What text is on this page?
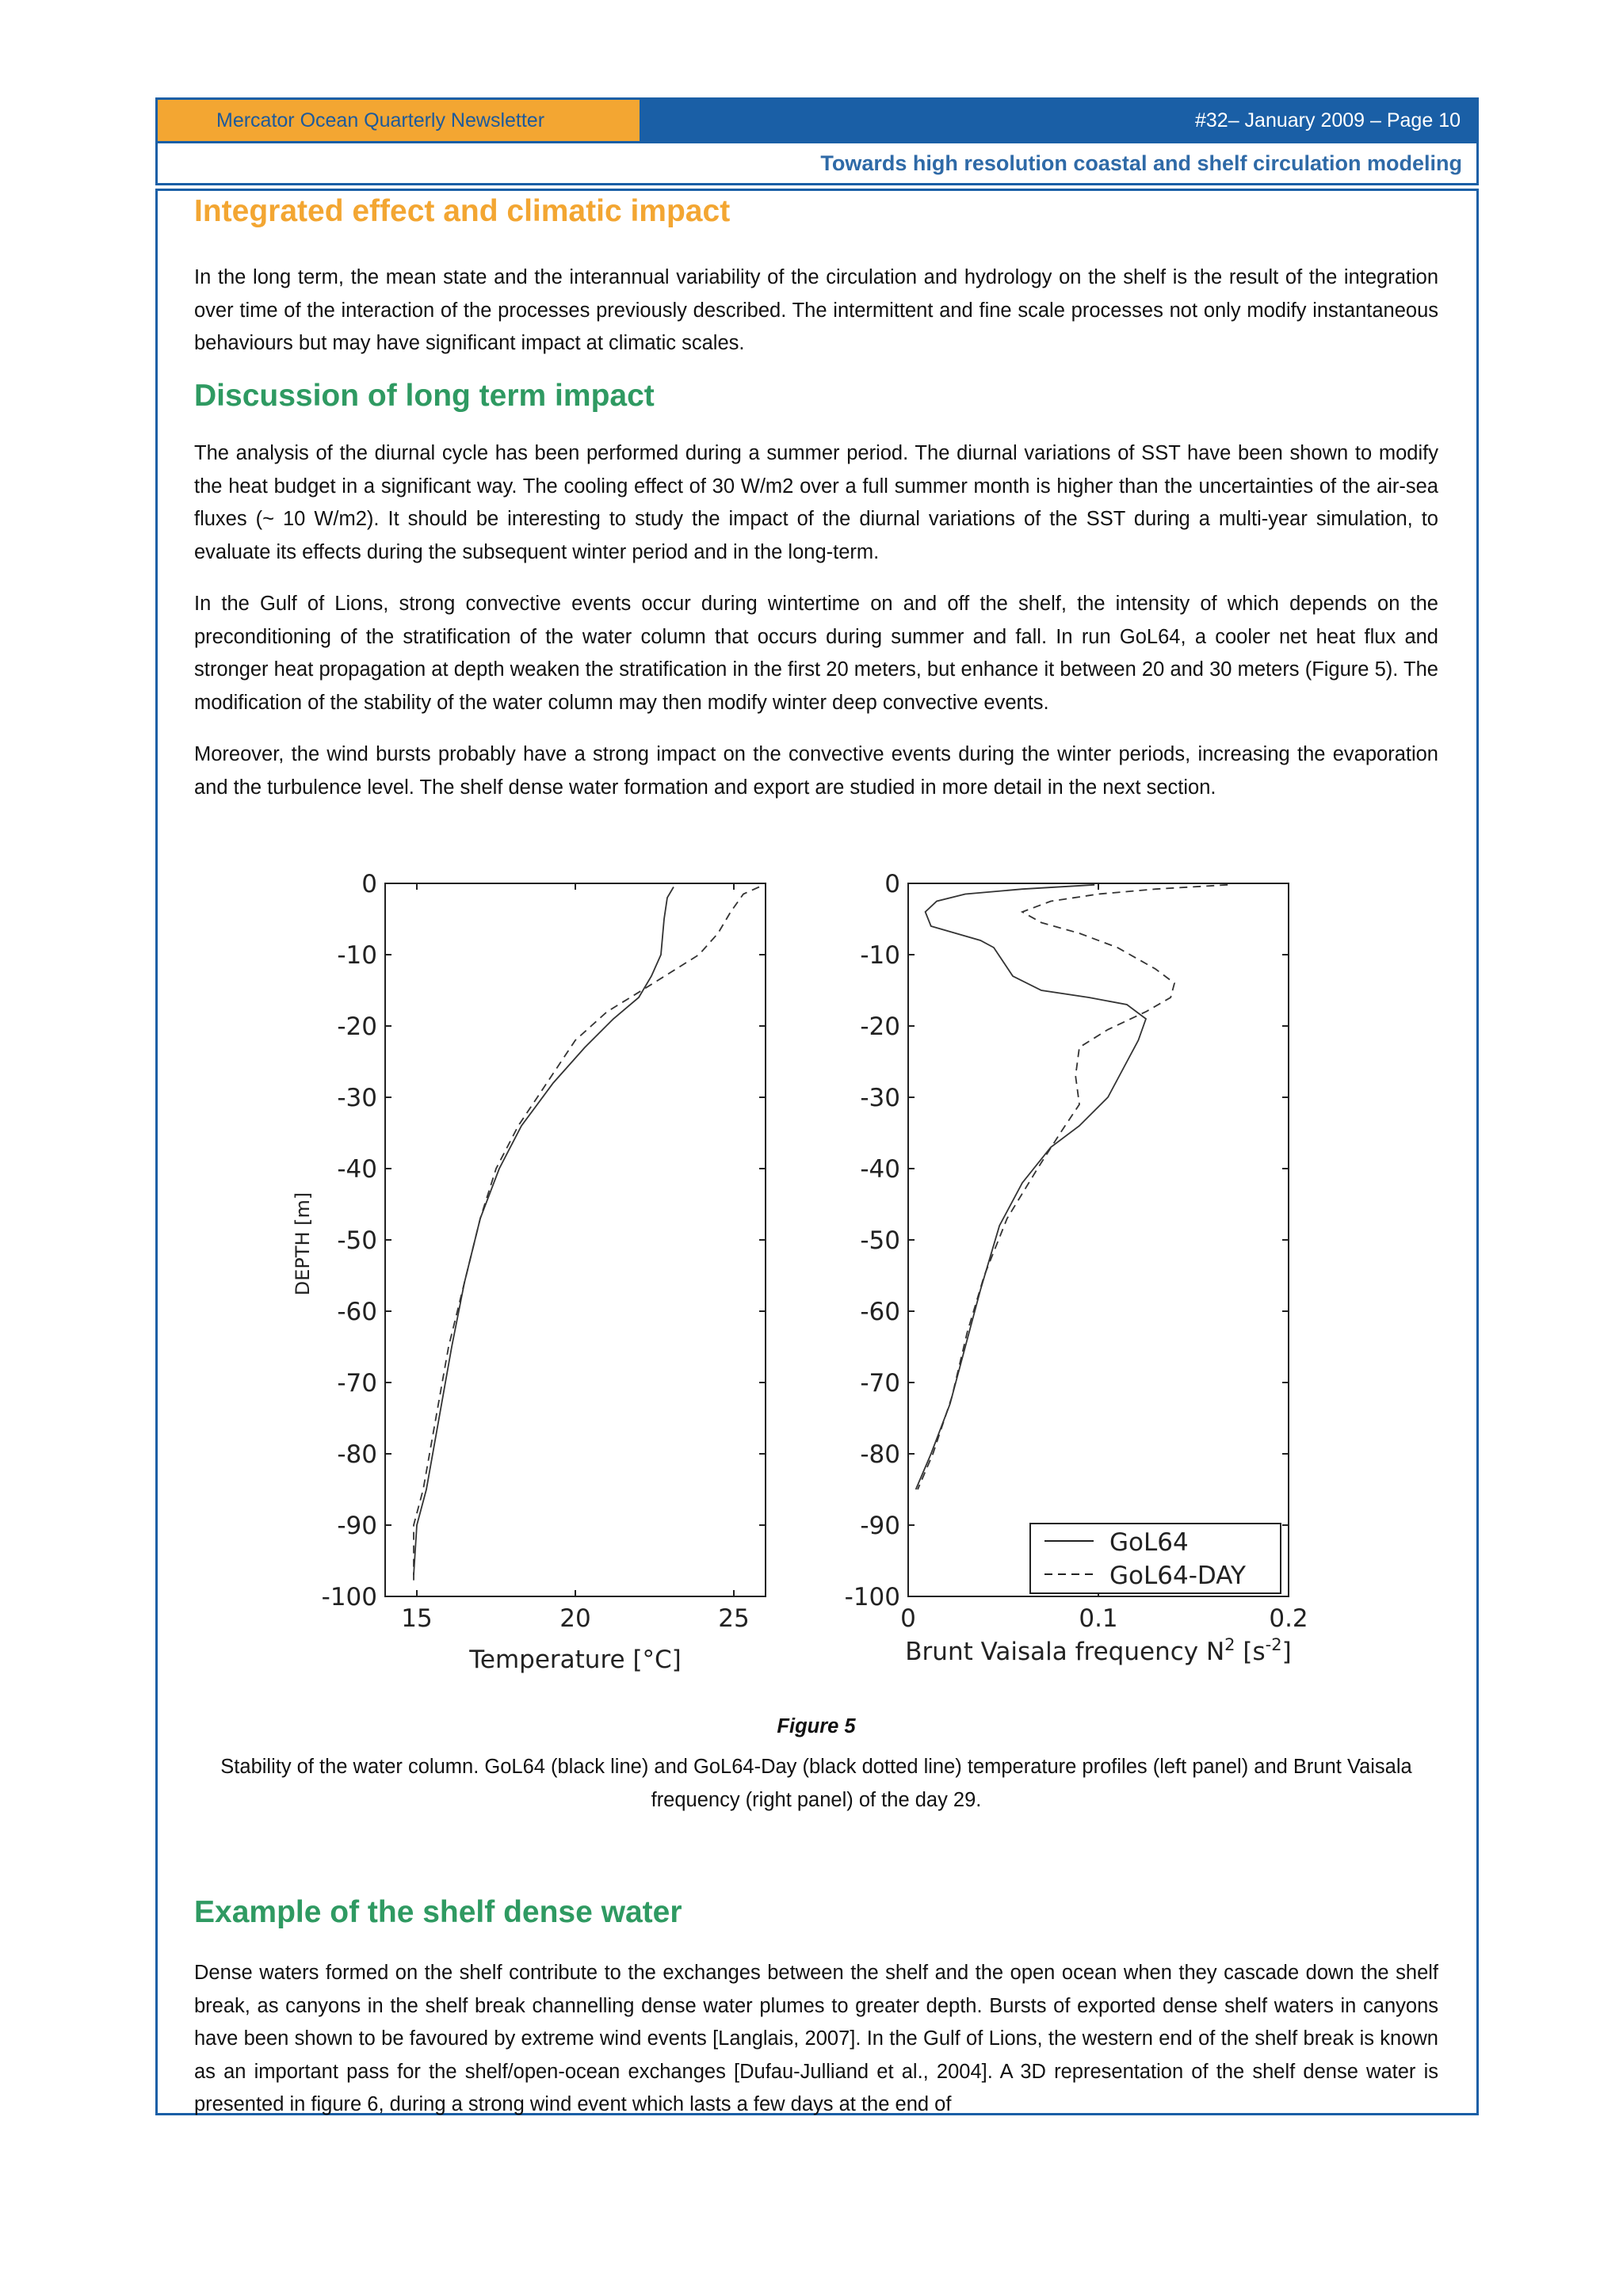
Mercator Ocean Quarterly Newsletter	#32– January 2009 – Page 10
Towards high resolution coastal and shelf circulation modeling
Integrated effect and climatic impact

In the long term, the mean state and the interannual variability of the circulation and hydrology on the shelf is the result of the integration over time of the interaction of the processes previously described. The intermittent and fine scale processes not only modify instantaneous behaviours but may have significant impact at climatic scales.

Discussion of long term impact

The analysis of the diurnal cycle has been performed during a summer period. The diurnal variations of SST have been shown to modify the heat budget in a significant way. The cooling effect of 30 W/m2 over a full summer month is higher than the uncertainties of the air-sea fluxes (~ 10 W/m2). It should be interesting to study the impact of the diurnal variations of the SST during a multi-year simulation, to evaluate its effects during the subsequent winter period and in the long-term.

In the Gulf of Lions, strong convective events occur during wintertime on and off the shelf, the intensity of which depends on the preconditioning of the stratification of the water column that occurs during summer and fall. In run GoL64, a cooler net heat flux and stronger heat propagation at depth weaken the stratification in the first 20 meters, but enhance it between 20 and 30 meters (Figure 5). The modification of the stability of the water column may then modify winter deep convective events.

Moreover, the wind bursts probably have a strong impact on the convective events during the winter periods, increasing the evaporation and the turbulence level. The shelf dense water formation and export are studied in more detail in the next section.

0
-10
-20
-30
-40
-50
-60
-70
-80
-90
-100
15	20	25
Temperature [°C]
DEPTH [m]
0
-10
-20
-30
-40
-50
-60
-70
-80
-90
-100
0	0.1	0.2
GoL64
GoL64-DAY
Brunt Vaisala frequency $N^2$ $[s^{-2}]$
Figure 5
Stability of the water column. GoL64 (black line) and GoL64-Day (black dotted line) temperature profiles (left panel) and Brunt Vaisala frequency (right panel) of the day 29.
Example of the shelf dense water

Dense waters formed on the shelf contribute to the exchanges between the shelf and the open ocean when they cascade down the shelf break, as canyons in the shelf break channelling dense water plumes to greater depth. Bursts of exported dense shelf waters in canyons have been shown to be favoured by extreme wind events [Langlais, 2007]. In the Gulf of Lions, the western end of the shelf break is known as an important pass for the shelf/open-ocean exchanges [Dufau-Julliand et al., 2004]. A 3D representation of the shelf dense water is presented in figure 6, during a strong wind event which lasts a few days at the end of
